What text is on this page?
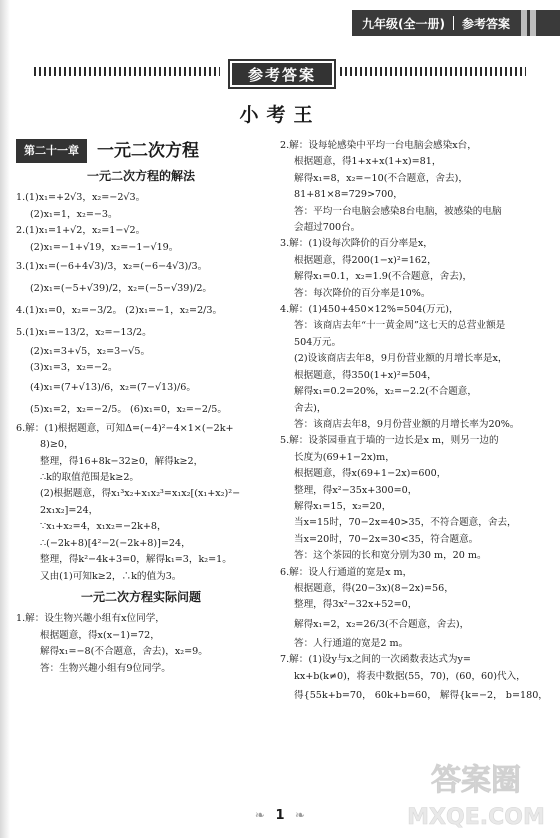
九年级(全一册)	参考答案
参考答案
小考王
第二十一章	一元二次方程
一元二次方程的解法
1.(1)x₁=+2√3，x₂=−2√3。
(2)x₁=1，x₂=−3。
2.(1)x₁=1+√2，x₂=1−√2。
(2)x₁=−1+√19，x₂=−1−√19。
3.(1)x₁=(−6+4√3)/3，x₂=(−6−4√3)/3。
(2)x₁=(−5+√39)/2，x₂=(−5−√39)/2。
4.(1)x₁=0，x₂=−3/2。 (2)x₁=−1，x₂=2/3。
5.(1)x₁=−13/2，x₂=−13/2。
(2)x₁=3+√5，x₂=3−√5。
(3)x₁=3，x₂=−2。
(4)x₁=(7+√13)/6，x₂=(7−√13)/6。
(5)x₁=2，x₂=−2/5。 (6)x₁=0，x₂=−2/5。
6.解：(1)根据题意，可知Δ=(−4)²−4×1×(−2k+
8)≥0，
整理，得16+8k−32≥0，解得k≥2，
∴k的取值范围是k≥2。
(2)根据题意，得x₁³x₂+x₁x₂³=x₁x₂[(x₁+x₂)²−
2x₁x₂]=24，
∵x₁+x₂=4，x₁x₂=−2k+8，
∴(−2k+8)[4²−2(−2k+8)]=24，
整理，得k²−4k+3=0，解得k₁=3，k₂=1。
又由(1)可知k≥2，∴k的值为3。
一元二次方程实际问题
1.解：设生物兴趣小组有x位同学，
根据题意，得x(x−1)=72，
解得x₁=−8(不合题意，舍去)，x₂=9。
答：生物兴趣小组有9位同学。
2.解：设每轮感染中平均一台电脑会感染x台，
根据题意，得1+x+x(1+x)=81，
解得x₁=8，x₂=−10(不合题意，舍去)，
81+81×8=729>700，
答：平均一台电脑会感染8台电脑，被感染的电脑
会超过700台。
3.解：(1)设每次降价的百分率是x，
根据题意，得200(1−x)²=162，
解得x₁=0.1，x₂=1.9(不合题意，舍去)，
答：每次降价的百分率是10%。
4.解：(1)450+450×12%=504(万元)，
答：该商店去年“十一黄金周”这七天的总营业额是
504万元。
(2)设该商店去年8，9月份营业额的月增长率是x，
根据题意，得350(1+x)²=504，
解得x₁=0.2=20%，x₂=−2.2(不合题意，
舍去)，
答：该商店去年8，9月份营业额的月增长率为20%。
5.解：设茶园垂直于墙的一边长是x m，则另一边的
长度为(69+1−2x)m，
根据题意，得x(69+1−2x)=600，
整理，得x²−35x+300=0，
解得x₁=15，x₂=20，
当x=15时，70−2x=40>35，不符合题意，舍去，
当x=20时，70−2x=30<35，符合题意。
答：这个茶园的长和宽分别为30 m，20 m。
6.解：设人行通道的宽是x m，
根据题意，得(20−3x)(8−2x)=56，
整理，得3x²−32x+52=0，
解得x₁=2，x₂=26/3(不合题意，舍去)，
答：人行通道的宽是2 m。
7.解：(1)设y与x之间的一次函数表达式为y=
kx+b(k≠0)，将表中数据(55，70)，(60，60)代入，
得{55k+b=70， 60k+b=60， 解得{k=−2， b=180，
答案圈
MXQE.COM
❧ 1 ❧
